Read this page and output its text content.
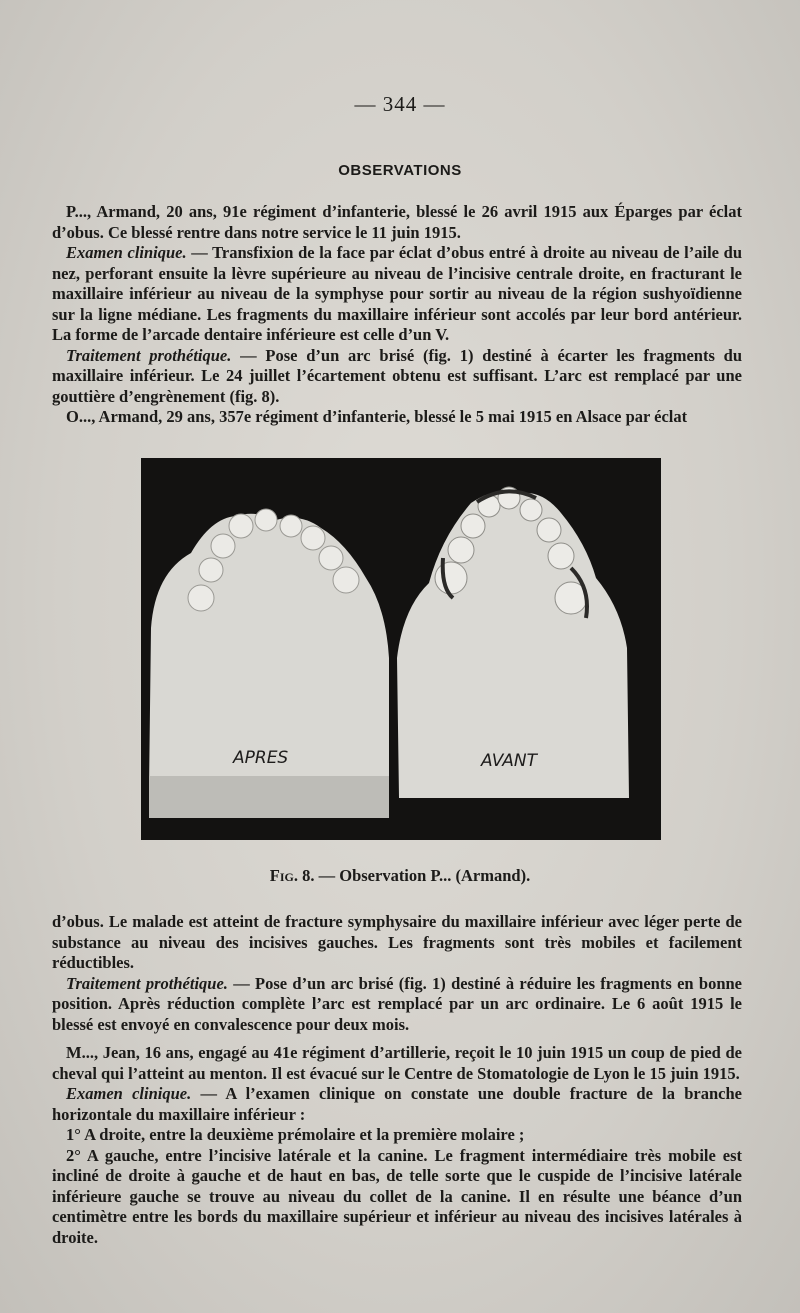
— 344 —
OBSERVATIONS

P..., Armand, 20 ans, 91e régiment d’infanterie, blessé le 26 avril 1915 aux Éparges par éclat d’obus. Ce blessé rentre dans notre service le 11 juin 1915.

Examen clinique. — Transfixion de la face par éclat d’obus entré à droite au niveau de l’aile du nez, perforant ensuite la lèvre supérieure au niveau de l’incisive centrale droite, en fracturant le maxillaire inférieur au niveau de la symphyse pour sortir au niveau de la région sushyoïdienne sur la ligne médiane. Les fragments du maxillaire inférieur sont accolés par leur bord antérieur. La forme de l’arcade dentaire inférieure est celle d’un V.

Traitement prothétique. — Pose d’un arc brisé (fig. 1) destiné à écarter les fragments du maxillaire inférieur. Le 24 juillet l’écartement obtenu est suffisant. L’arc est remplacé par une gouttière d’engrènement (fig. 8).

O..., Armand, 29 ans, 357e régiment d’infanterie, blessé le 5 mai 1915 en Alsace par éclat

APRES	AVANT
Fig. 8. — Observation P... (Armand).

d’obus. Le malade est atteint de fracture symphysaire du maxillaire inférieur avec léger perte de substance au niveau des incisives gauches. Les fragments sont très mobiles et facilement réductibles.

Traitement prothétique. — Pose d’un arc brisé (fig. 1) destiné à réduire les fragments en bonne position. Après réduction complète l’arc est remplacé par un arc ordinaire. Le 6 août 1915 le blessé est envoyé en convalescence pour deux mois.

M..., Jean, 16 ans, engagé au 41e régiment d’artillerie, reçoit le 10 juin 1915 un coup de pied de cheval qui l’atteint au menton. Il est évacué sur le Centre de Stomatologie de Lyon le 15 juin 1915.

Examen clinique. — A l’examen clinique on constate une double fracture de la branche horizontale du maxillaire inférieur :

1° A droite, entre la deuxième prémolaire et la première molaire ;

2° A gauche, entre l’incisive latérale et la canine. Le fragment intermédiaire très mobile est incliné de droite à gauche et de haut en bas, de telle sorte que le cuspide de l’incisive latérale inférieure gauche se trouve au niveau du collet de la canine. Il en résulte une béance d’un centimètre entre les bords du maxillaire supérieur et inférieur au niveau des incisives latérales à droite.
